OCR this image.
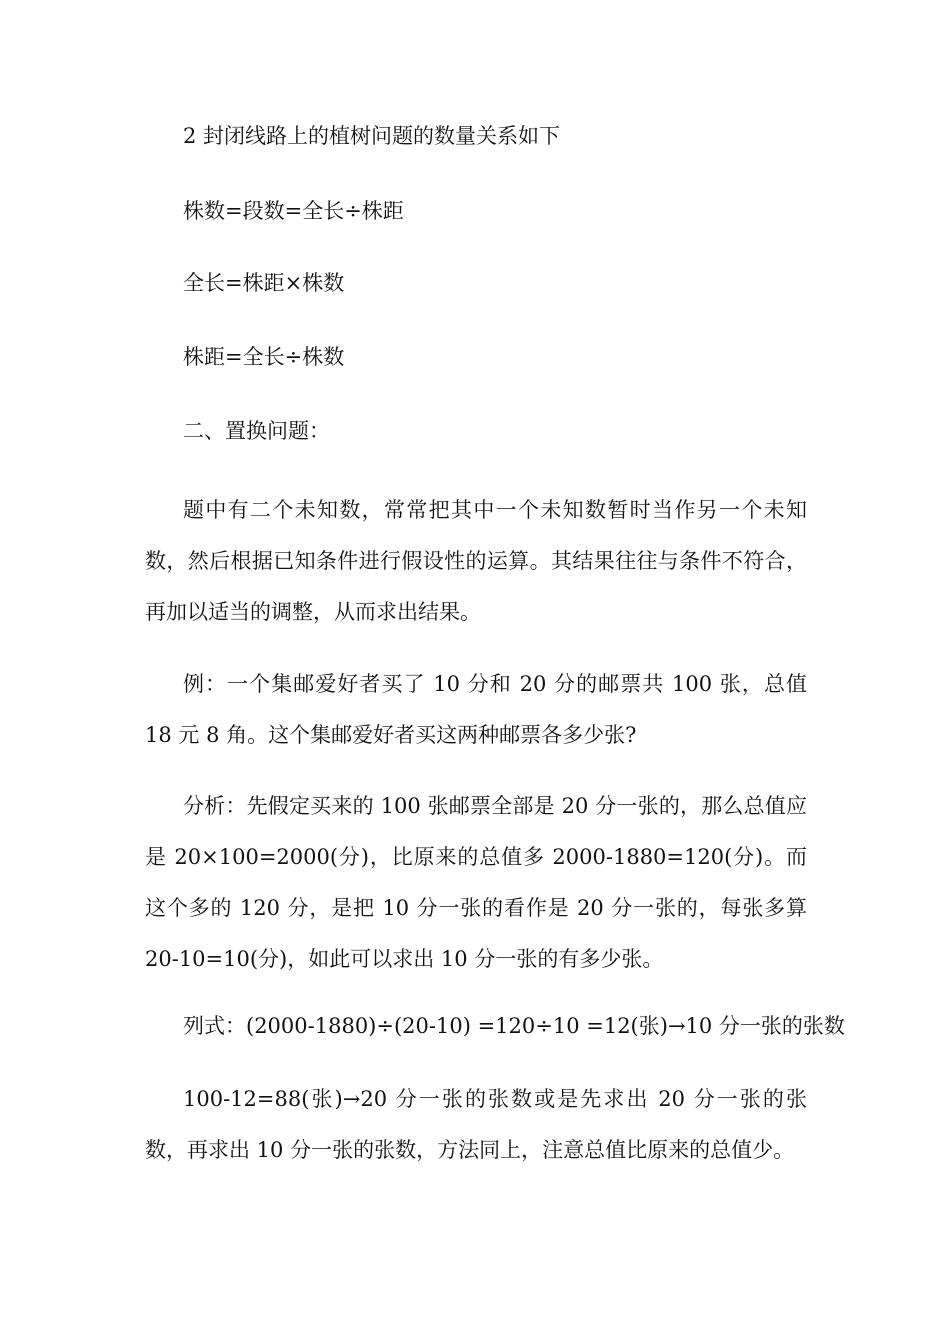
2 封闭线路上的植树问题的数量关系如下
株数=段数=全长÷株距
全长=株距×株数
株距=全长÷株数
二、置换问题：
题中有二个未知数，常常把其中一个未知数暂时当作另一个未知数，然后根据已知条件进行假设性的运算。其结果往往与条件不符合，再加以适当的调整，从而求出结果。
例：一个集邮爱好者买了 10 分和 20 分的邮票共 100 张，总值 18 元 8 角。这个集邮爱好者买这两种邮票各多少张?
分析：先假定买来的 100 张邮票全部是 20 分一张的，那么总值应是 20×100=2000(分)，比原来的总值多 2000-1880=120(分)。而这个多的 120 分，是把 10 分一张的看作是 20 分一张的，每张多算 20-10=10(分)，如此可以求出 10 分一张的有多少张。
列式：(2000-1880)÷(20-10) =120÷10 =12(张)→10 分一张的张数
100-12=88(张)→20 分一张的张数或是先求出 20 分一张的张数，再求出 10 分一张的张数，方法同上，注意总值比原来的总值少。
